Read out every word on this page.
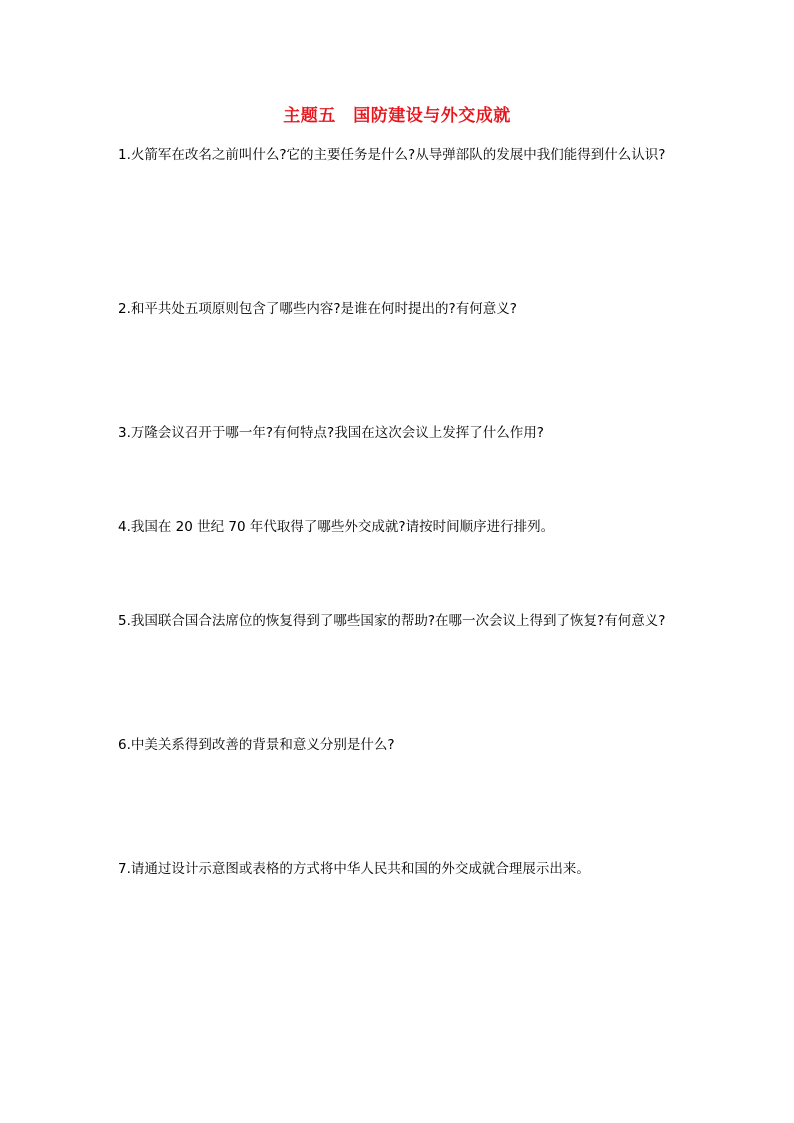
主题五　国防建设与外交成就

1.火箭军在改名之前叫什么?它的主要任务是什么?从导弹部队的发展中我们能得到什么认识?

2.和平共处五项原则包含了哪些内容?是谁在何时提出的?有何意义?

3.万隆会议召开于哪一年?有何特点?我国在这次会议上发挥了什么作用?

4.我国在 20 世纪 70 年代取得了哪些外交成就?请按时间顺序进行排列。

5.我国联合国合法席位的恢复得到了哪些国家的帮助?在哪一次会议上得到了恢复?有何意义?

6.中美关系得到改善的背景和意义分别是什么?

7.请通过设计示意图或表格的方式将中华人民共和国的外交成就合理展示出来。
